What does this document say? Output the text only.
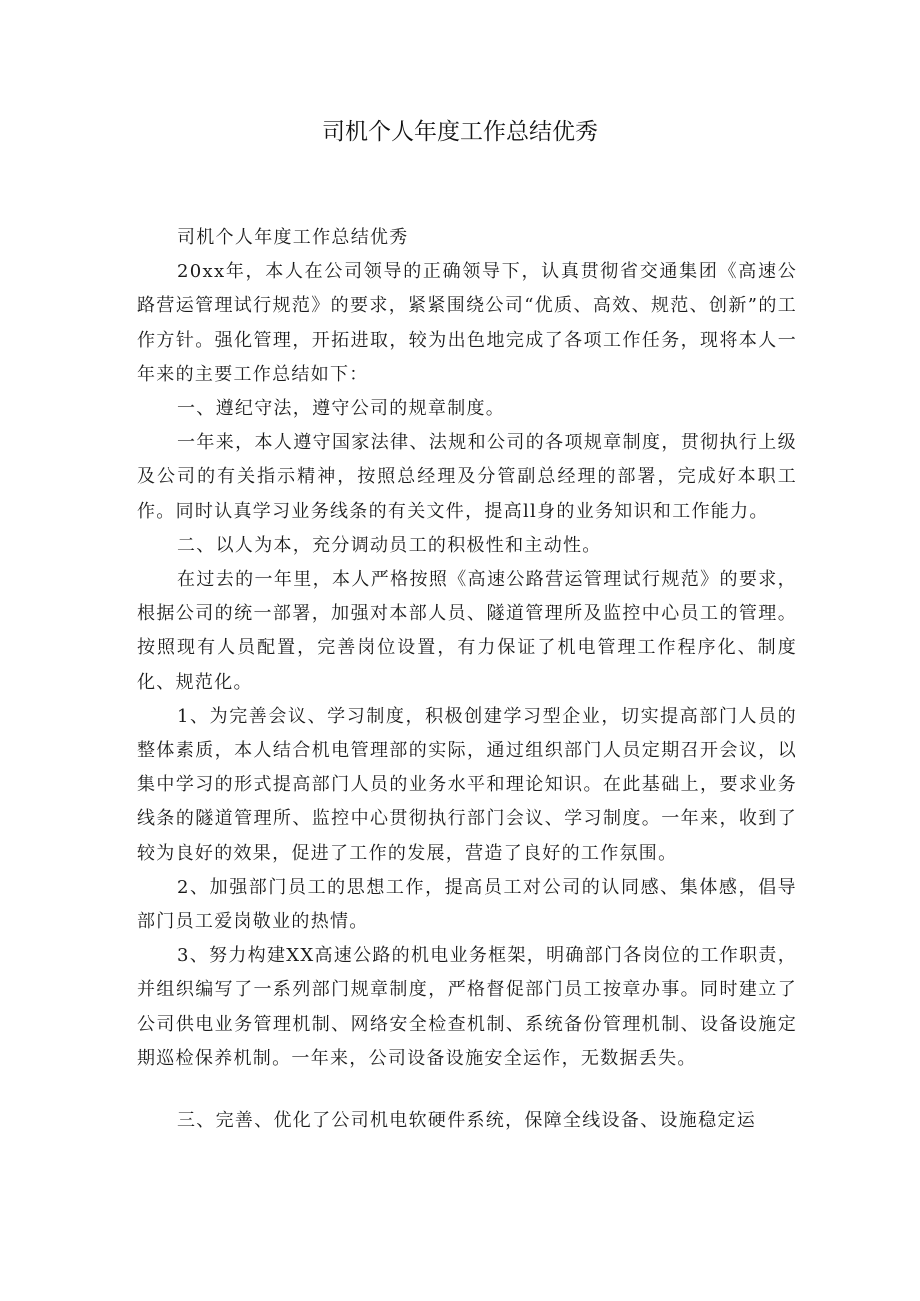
司机个人年度工作总结优秀

司机个人年度工作总结优秀

20xx年，本人在公司领导的正确领导下，认真贯彻省交通集团《高速公路营运管理试行规范》的要求，紧紧围绕公司“优质、高效、规范、创新”的工作方针。强化管理，开拓进取，较为出色地完成了各项工作任务，现将本人一年来的主要工作总结如下：

一、遵纪守法，遵守公司的规章制度。

一年来，本人遵守国家法律、法规和公司的各项规章制度，贯彻执行上级及公司的有关指示精神，按照总经理及分管副总经理的部署，完成好本职工作。同时认真学习业务线条的有关文件，提高ll身的业务知识和工作能力。

二、以人为本，充分调动员工的积极性和主动性。

在过去的一年里，本人严格按照《高速公路营运管理试行规范》的要求，根据公司的统一部署，加强对本部人员、隧道管理所及监控中心员工的管理。按照现有人员配置，完善岗位设置，有力保证了机电管理工作程序化、制度化、规范化。

1、为完善会议、学习制度，积极创建学习型企业，切实提高部门人员的整体素质，本人结合机电管理部的实际，通过组织部门人员定期召开会议，以集中学习的形式提高部门人员的业务水平和理论知识。在此基础上，要求业务线条的隧道管理所、监控中心贯彻执行部门会议、学习制度。一年来，收到了较为良好的效果，促进了工作的发展，营造了良好的工作氛围。

2、加强部门员工的思想工作，提高员工对公司的认同感、集体感，倡导部门员工爱岗敬业的热情。

3、努力构建XX高速公路的机电业务框架，明确部门各岗位的工作职责，并组织编写了一系列部门规章制度，严格督促部门员工按章办事。同时建立了公司供电业务管理机制、网络安全检查机制、系统备份管理机制、设备设施定期巡检保养机制。一年来，公司设备设施安全运作，无数据丢失。

三、完善、优化了公司机电软硬件系统，保障全线设备、设施稳定运
